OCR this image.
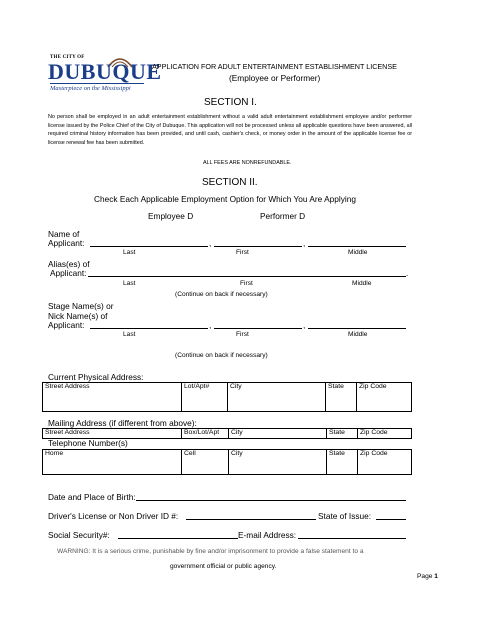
THE CITY OF
DUBUQUE
Masterpiece on the Mississippi
APPLICATION FOR ADULT ENTERTAINMENT ESTABLISHMENT LICENSE
(Employee or Performer)
SECTION I.
No person shall be employed in an adult entertainment establishment without a valid adult entertainment establishment employee and/or performer license issued by the Police Chief of the City of Dubuque. This application will not be processed unless all applicable questions have been answered, all required criminal history information has been provided, and until cash, cashier's check, or money order in the amount of the applicable license fee or license renewal fee has been submitted.
ALL FEES ARE NONREFUNDABLE.
SECTION II.
Check Each Applicable Employment Option for Which You Are Applying
Employee D	Performer D
Name of
Applicant:	,	,
Last	First	Middle
Alias(es) of
Applicant:	.
Last	First	Middle
(Continue on back if necessary)
Stage Name(s) or
Nick Name(s) of
Applicant:	,	,
Last	First	Middle
(Continue on back if necessary)
Current Physical Address:
Street Address	Lot/Apt#	City	State	Zip Code
Mailing Address (if different from above):
Street Address	Box/Lot/Apt	City	State	Zip Code
Telephone Number(s)
Home	Cell	City	State	Zip Code
Date and Place of Birth:
Driver's License or Non Driver ID #:	State of Issue:
Social Security#:	E-mail Address:
WARNING: It is a serious crime, punishable by fine and/or imprisonment to provide a false statement to a
government official or public agency.
Page 1
